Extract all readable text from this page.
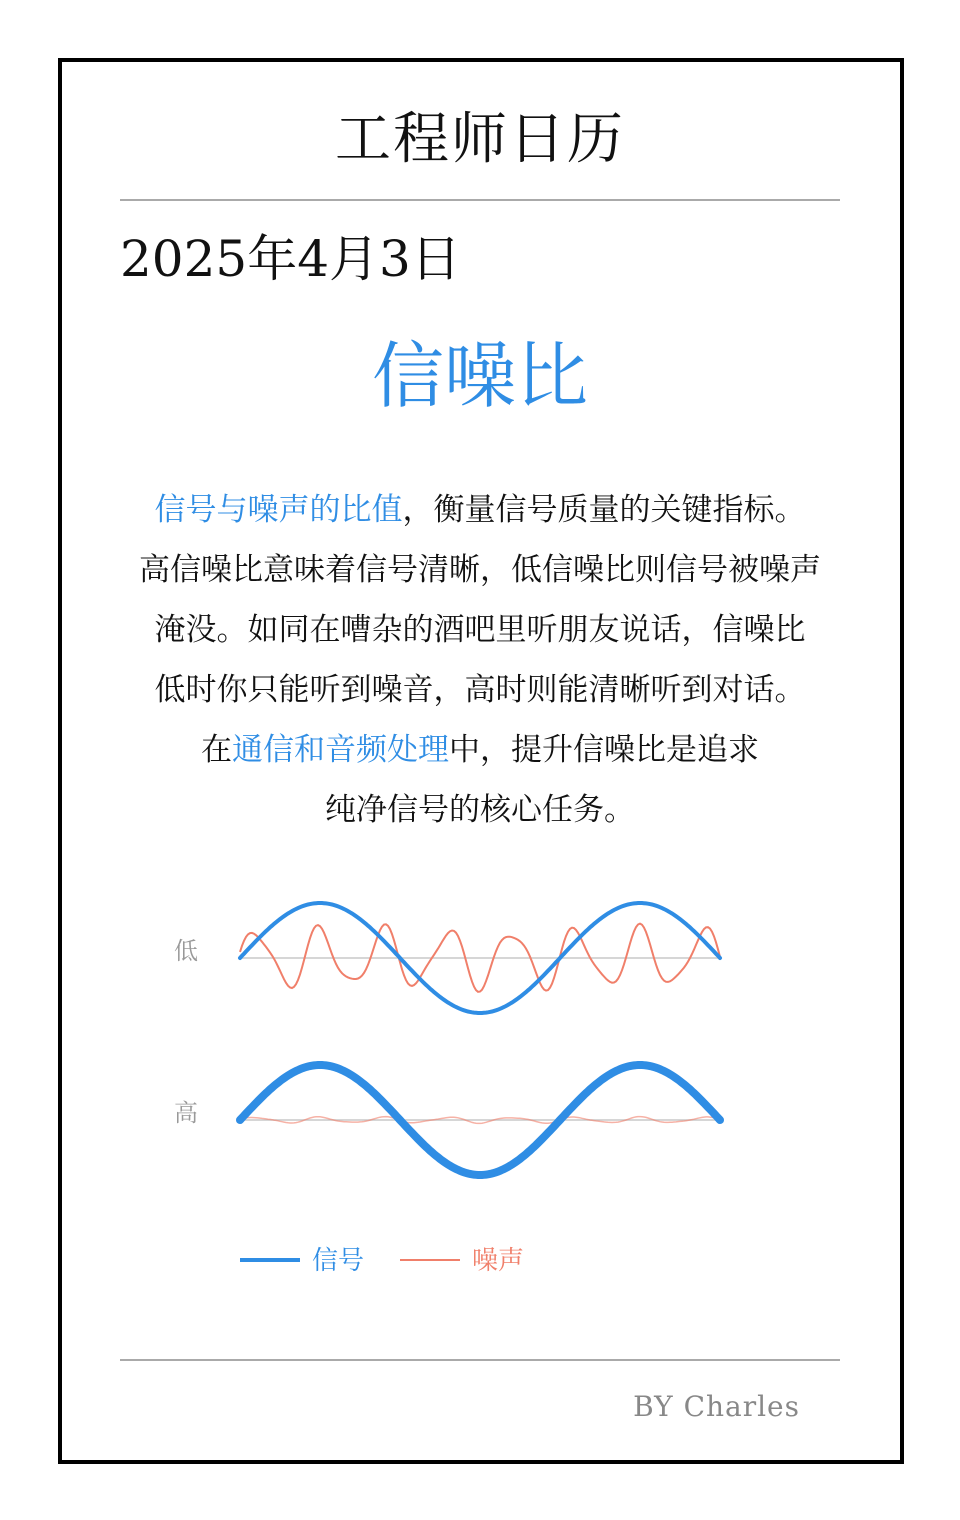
工程师日历
2025年4月3日
信噪比

信号与噪声的比值，衡量信号质量的关键指标。

高信噪比意味着信号清晰，低信噪比则信号被噪声

淹没。如同在嘈杂的酒吧里听朋友说话，信噪比

低时你只能听到噪音，高时则能清晰听到对话。

在通信和音频处理中，提升信噪比是追求

纯净信号的核心任务。

低
高
信号	噪声
BY Charles
